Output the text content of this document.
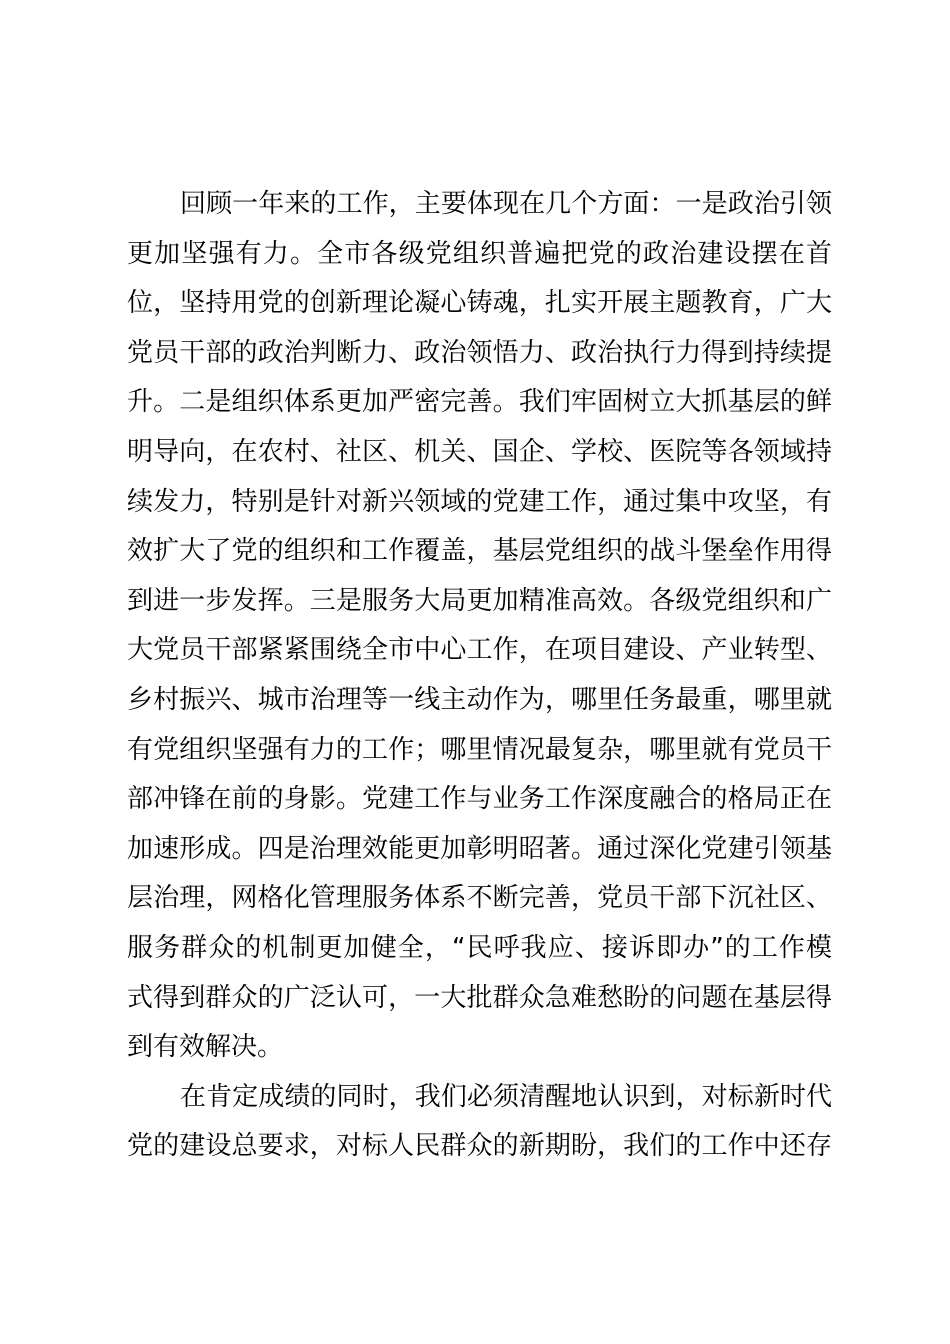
回顾一年来的工作，主要体现在几个方面：一是政治引领
更加坚强有力。全市各级党组织普遍把党的政治建设摆在首
位，坚持用党的创新理论凝心铸魂，扎实开展主题教育，广大
党员干部的政治判断力、政治领悟力、政治执行力得到持续提
升。二是组织体系更加严密完善。我们牢固树立大抓基层的鲜
明导向，在农村、社区、机关、国企、学校、医院等各领域持
续发力，特别是针对新兴领域的党建工作，通过集中攻坚，有
效扩大了党的组织和工作覆盖，基层党组织的战斗堡垒作用得
到进一步发挥。三是服务大局更加精准高效。各级党组织和广
大党员干部紧紧围绕全市中心工作，在项目建设、产业转型、
乡村振兴、城市治理等一线主动作为，哪里任务最重，哪里就
有党组织坚强有力的工作；哪里情况最复杂，哪里就有党员干
部冲锋在前的身影。党建工作与业务工作深度融合的格局正在
加速形成。四是治理效能更加彰明昭著。通过深化党建引领基
层治理，网格化管理服务体系不断完善，党员干部下沉社区、
服务群众的机制更加健全，“民呼我应、接诉即办”的工作模
式得到群众的广泛认可，一大批群众急难愁盼的问题在基层得
到有效解决。
在肯定成绩的同时，我们必须清醒地认识到，对标新时代
党的建设总要求，对标人民群众的新期盼，我们的工作中还存
